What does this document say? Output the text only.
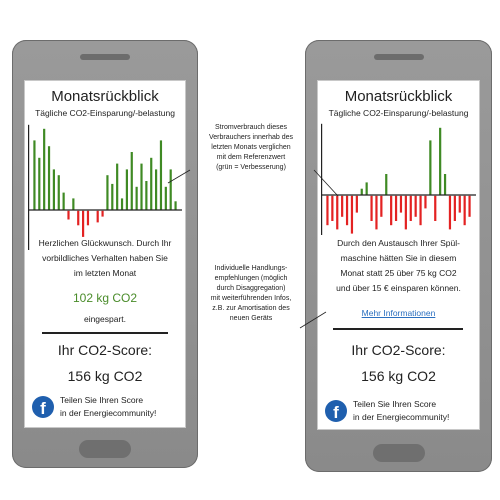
Monatsrückblick
Tägliche CO2-Einsparung/-belastung
Herzlichen Glückwunsch. Durch Ihr
vorbildliches Verhalten haben Sie
im letzten Monat
102 kg CO2
eingespart.
Ihr CO2-Score:
156 kg CO2
f	Teilen Sie Ihren Score
in der Energiecommunity!
Monatsrückblick
Tägliche CO2-Einsparung/-belastung
Durch den Austausch Ihrer Spül-
maschine hätten Sie in diesem
Monat statt 25 über 75 kg CO2
und über 15 € einsparen können.
Mehr Informationen
Ihr CO2-Score:
156 kg CO2
f	Teilen Sie Ihren Score
in der Energiecommunity!
Stromverbrauch dieses
Verbrauchers innerhab des
letzten Monats verglichen
mit dem Referenzwert
(grün = Verbesserung)
Individuelle Handlungs-
empfehlungen (möglich
durch Disaggregation)
mit weiterführenden Infos,
z.B. zur Amortisation des
neuen Geräts
